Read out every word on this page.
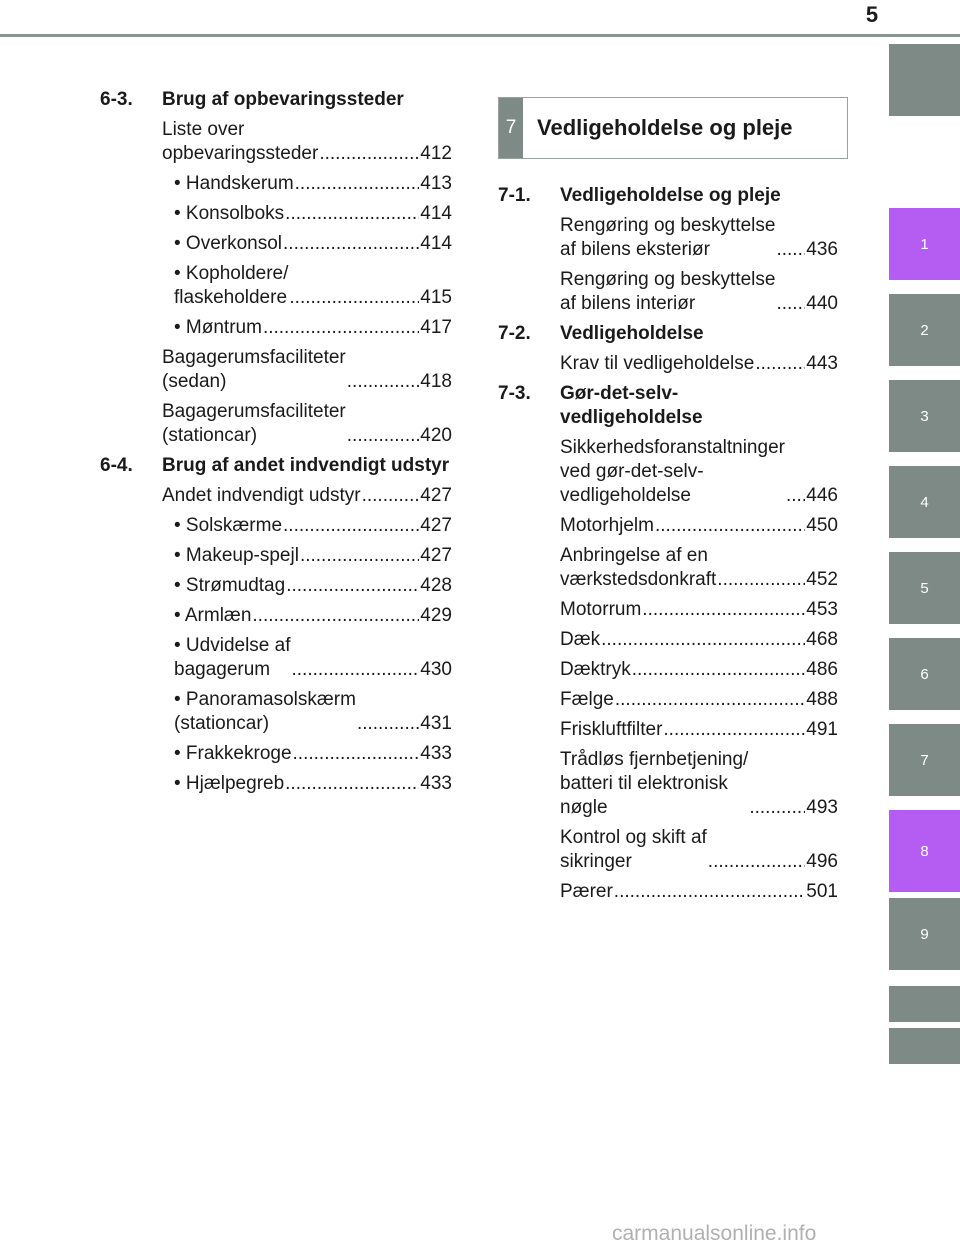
5
1
2
3
4
5
6
7
8
9
6-3.	Brug af opbevaringssteder
Liste over
opbevaringssteder .....	412
• Handskerum .....	413
• Konsolboks .....	414
• Overkonsol .....	414
• Kopholdere/
flaskeholdere .....	415
• Møntrum .....	417
Bagagerumsfaciliteter
(sedan) .....	418
Bagagerumsfaciliteter
(stationcar) .....	420
6-4.	Brug af andet indvendigt udstyr
Andet indvendigt udstyr .....	427
• Solskærme .....	427
• Makeup-spejl .....	427
• Strømudtag .....	428
• Armlæn .....	429
• Udvidelse af
bagagerum .....	430
• Panoramasolskærm
(stationcar) .....	431
• Frakkekroge .....	433
• Hjælpegreb .....	433
7 Vedligeholdelse og pleje
7-1.	Vedligeholdelse og pleje
Rengøring og beskyttelse
af bilens eksteriør .....	436
Rengøring og beskyttelse
af bilens interiør .....	440
7-2.	Vedligeholdelse
Krav til vedligeholdelse .....	443
7-3.	Gør-det-selv-
vedligeholdelse
Sikkerhedsforanstaltninger
ved gør-det-selv-
vedligeholdelse .....	446
Motorhjelm .....	450
Anbringelse af en
værkstedsdonkraft .....	452
Motorrum .....	453
Dæk .....	468
Dæktryk .....	486
Fælge .....	488
Friskluftfilter .....	491
Trådløs fjernbetjening/
batteri til elektronisk
nøgle .....	493
Kontrol og skift af
sikringer .....	496
Pærer .....	501
carmanualsonline.info
